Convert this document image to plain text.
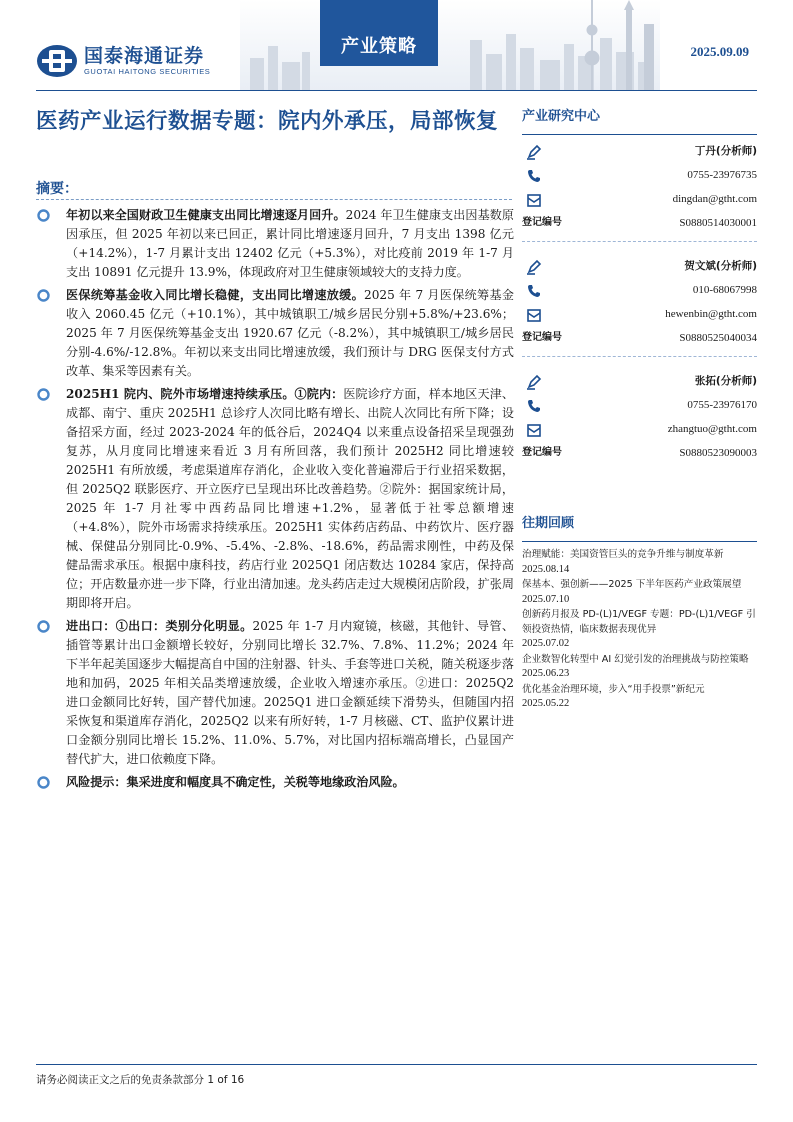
国泰海通证券
GUOTAI HAITONG SECURITIES
产业策略	2025.09.09
医药产业运行数据专题：院内外承压，局部恢复
摘要：
年初以来全国财政卫生健康支出同比增速逐月回升。2024 年卫生健康支出因基数原因承压，但 2025 年初以来已回正，累计同比增速逐月回升，7 月支出 1398 亿元（+14.2%），1-7 月累计支出 12402 亿元（+5.3%），对比疫前 2019 年 1-7 月支出 10891 亿元提升 13.9%，体现政府对卫生健康领域较大的支持力度。
医保统筹基金收入同比增长稳健，支出同比增速放缓。2025 年 7 月医保统筹基金收入 2060.45 亿元（+10.1%），其中城镇职工/城乡居民分别+5.8%/+23.6%；2025 年 7 月医保统筹基金支出 1920.67 亿元（-8.2%），其中城镇职工/城乡居民分别-4.6%/-12.8%。年初以来支出同比增速放缓，我们预计与 DRG 医保支付方式改革、集采等因素有关。
2025H1 院内、院外市场增速持续承压。①院内：医院诊疗方面，样本地区天津、成都、南宁、重庆 2025H1 总诊疗人次同比略有增长、出院人次同比有所下降；设备招采方面，经过 2023-2024 年的低谷后，2024Q4 以来重点设备招采呈现强劲复苏，从月度同比增速来看近 3 月有所回落，我们预计 2025H2 同比增速较 2025H1 有所放缓，考虑渠道库存消化，企业收入变化普遍滞后于行业招采数据，但 2025Q2 联影医疗、开立医疗已呈现出环比改善趋势。②院外：据国家统计局，2025 年 1-7 月社零中西药品同比增速+1.2%，显著低于社零总额增速（+4.8%），院外市场需求持续承压。2025H1 实体药店药品、中药饮片、医疗器械、保健品分别同比-0.9%、-5.4%、-2.8%、-18.6%，药品需求刚性，中药及保健品需求承压。根据中康科技，药店行业 2025Q1 闭店数达 10284 家店，保持高位；开店数量亦进一步下降，行业出清加速。龙头药店走过大规模闭店阶段，扩张周期即将开启。
进出口：①出口：类别分化明显。2025 年 1-7 月内窥镜，核磁，其他针、导管、插管等累计出口金额增长较好，分别同比增长 32.7%、7.8%、11.2%；2024 年下半年起美国逐步大幅提高自中国的注射器、针头、手套等进口关税，随关税逐步落地和加码，2025 年相关品类增速放缓，企业收入增速亦承压。②进口：2025Q2 进口金额同比好转，国产替代加速。2025Q1 进口金额延续下滑势头，但随国内招采恢复和渠道库存消化，2025Q2 以来有所好转，1-7 月核磁、CT、监护仪累计进口金额分别同比增长 15.2%、11.0%、5.7%，对比国内招标端高增长，凸显国产替代扩大，进口依赖度下降。
风险提示：集采进度和幅度具不确定性，关税等地缘政治风险。
产业研究中心
丁丹(分析师)
0755-23976735
dingdan@gtht.com
登记编号	S0880514030001
贺文斌(分析师)
010-68067998
hewenbin@gtht.com
登记编号	S0880525040034
张拓(分析师)
0755-23976170
zhangtuo@gtht.com
登记编号	S0880523090003
往期回顾
治理赋能：美国资管巨头的竞争升维与制度革新
2025.08.14
保基本、强创新——2025 下半年医药产业政策展望 2025.07.10
创新药月报及 PD-(L)1/VEGF 专题：PD-(L)1/VEGF 引领投资热情，临床数据表现优异
2025.07.02
企业数智化转型中 AI 幻觉引发的治理挑战与防控策略 2025.06.23
优化基金治理环境，步入“用手投票”新纪元
2025.05.22
请务必阅读正文之后的免责条款部分 1 of 16
